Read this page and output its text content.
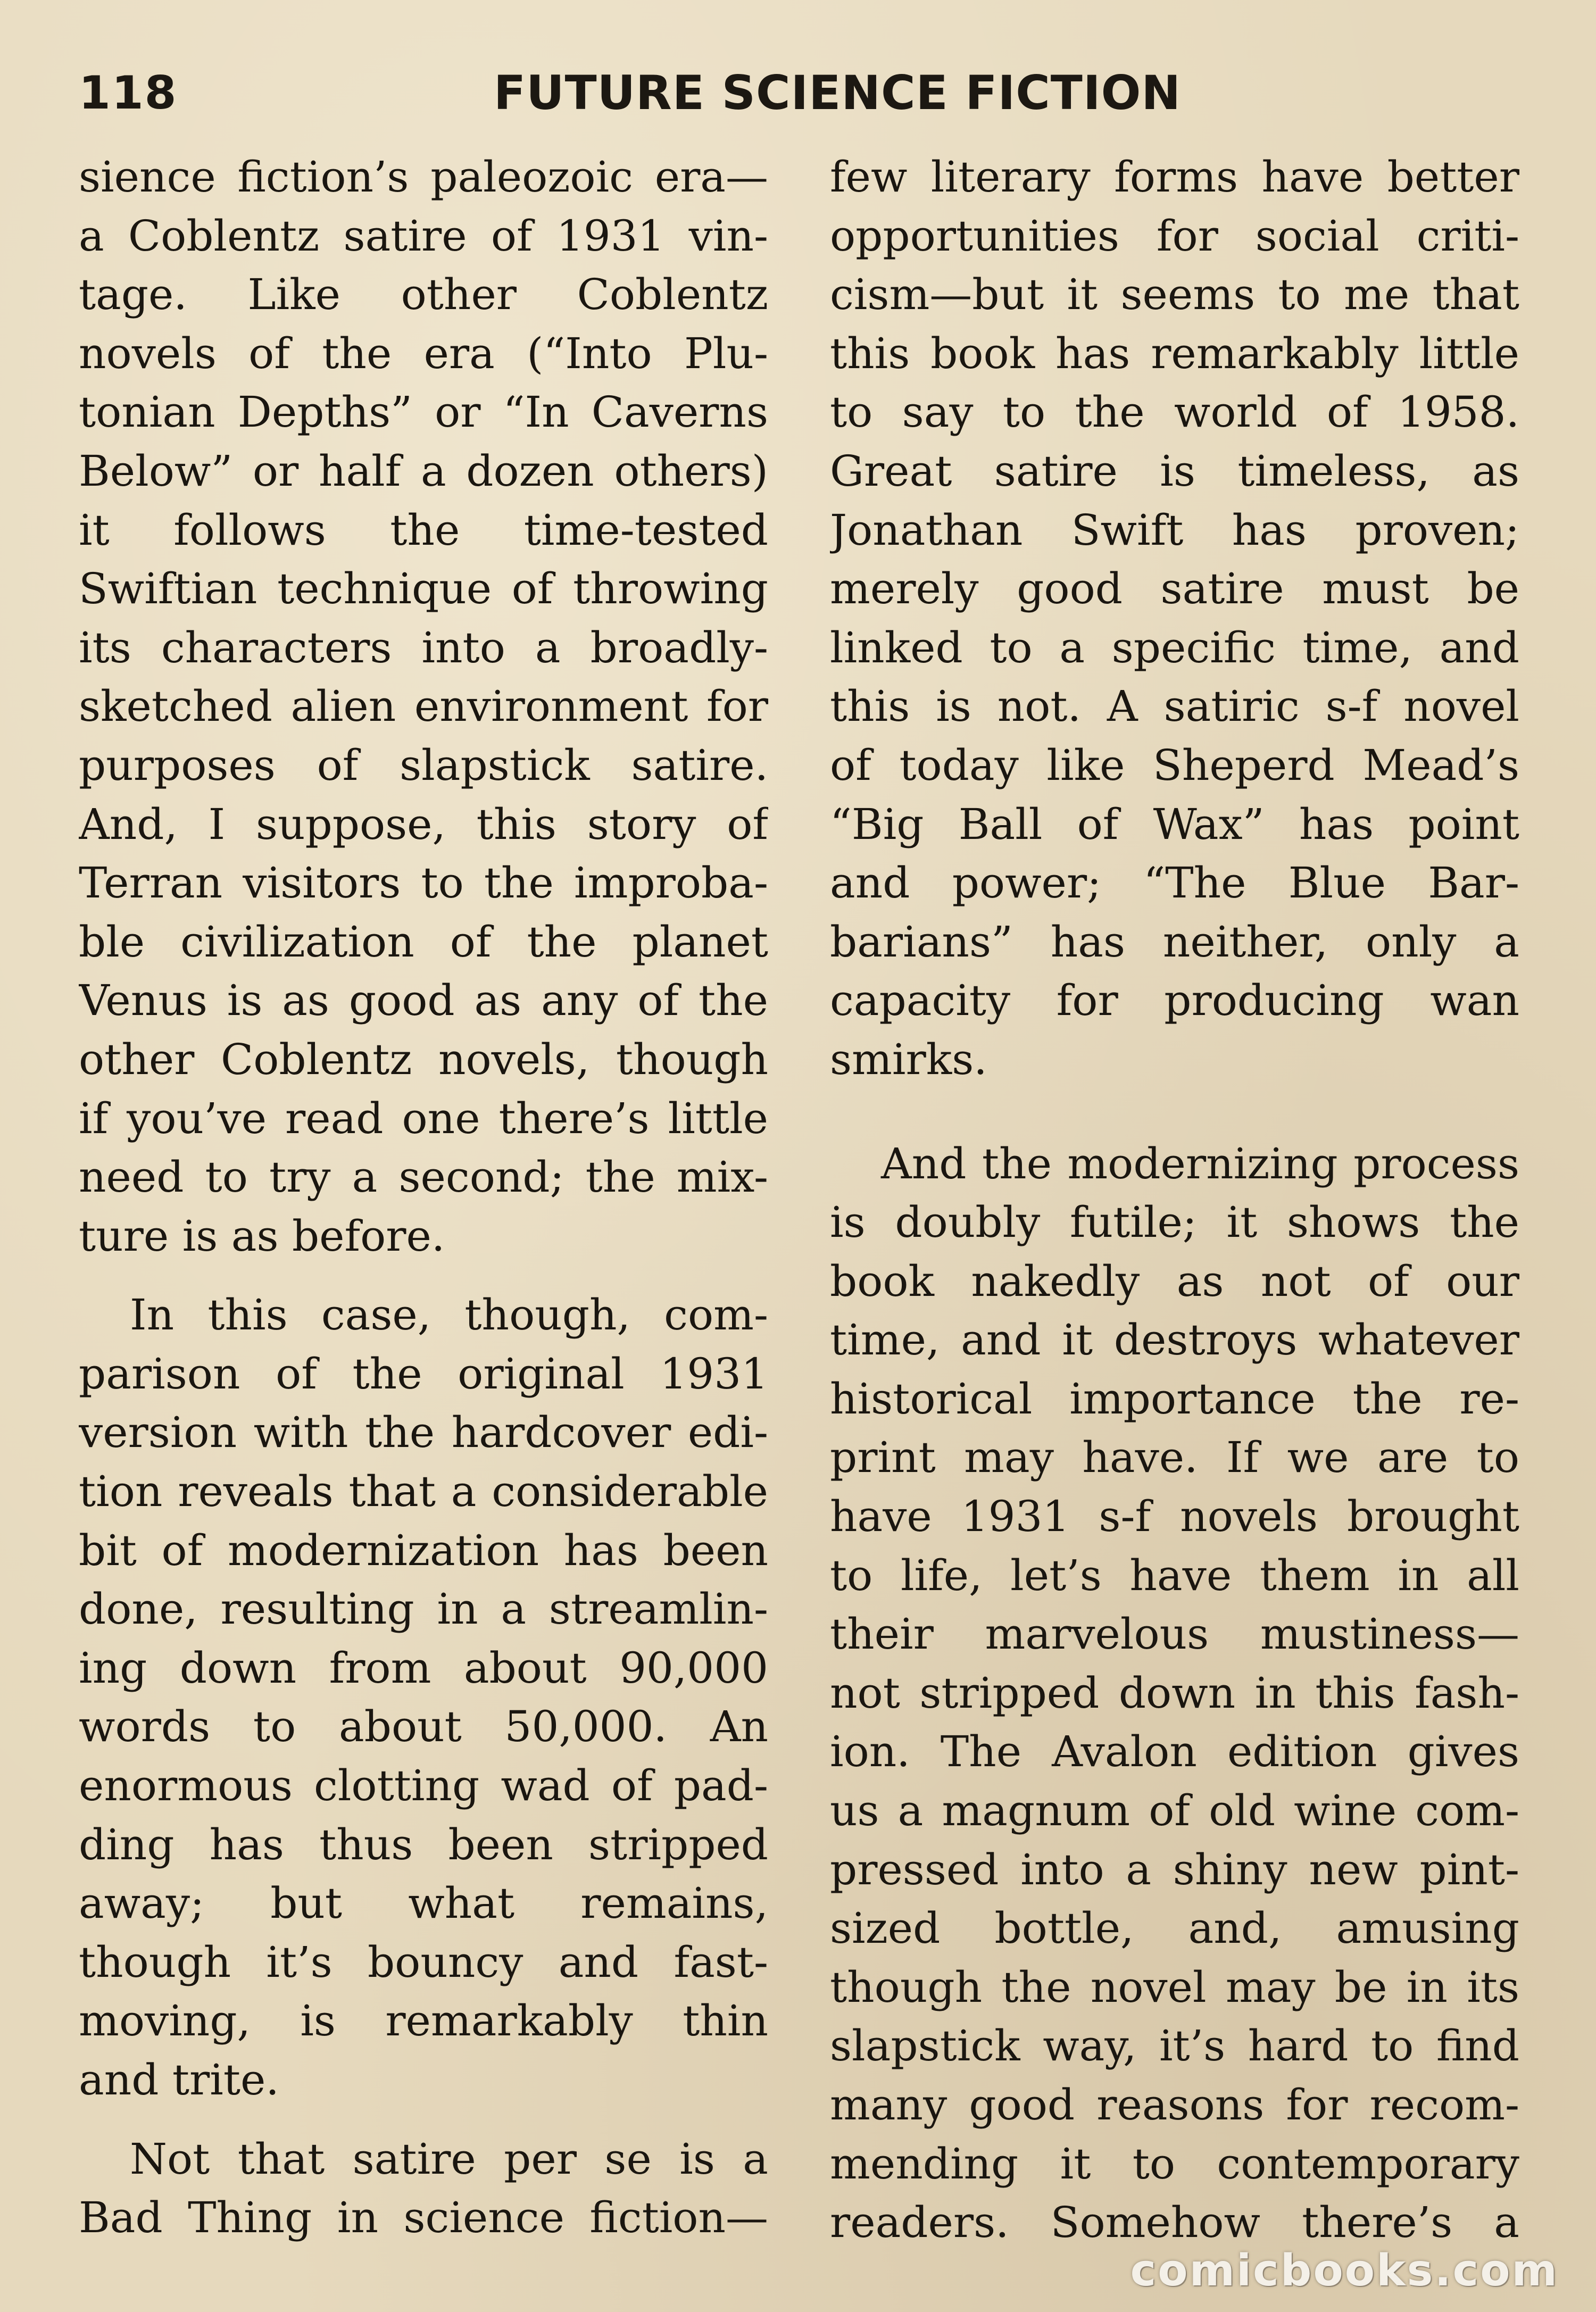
118	FUTURE SCIENCE FICTION
sience fiction’s paleozoic era—
a Coblentz satire of 1931 vin-
tage. Like other Coblentz
novels of the era (“Into Plu-
tonian Depths” or “In Caverns
Below” or half a dozen others)
it follows the time-tested
Swiftian technique of throwing
its characters into a broadly-
sketched alien environment for
purposes of slapstick satire.
And, I suppose, this story of
Terran visitors to the improba-
ble civilization of the planet
Venus is as good as any of the
other Coblentz novels, though
if you’ve read one there’s little
need to try a second; the mix-
ture is as before.
In this case, though, com-
parison of the original 1931
version with the hardcover edi-
tion reveals that a considerable
bit of modernization has been
done, resulting in a streamlin-
ing down from about 90,000
words to about 50,000. An
enormous clotting wad of pad-
ding has thus been stripped
away; but what remains,
though it’s bouncy and fast-
moving, is remarkably thin
and trite.
Not that satire per se is a
Bad Thing in science fiction—
few literary forms have better
opportunities for social criti-
cism—but it seems to me that
this book has remarkably little
to say to the world of 1958.
Great satire is timeless, as
Jonathan Swift has proven;
merely good satire must be
linked to a specific time, and
this is not. A satiric s-f novel
of today like Sheperd Mead’s
“Big Ball of Wax” has point
and power; “The Blue Bar-
barians” has neither, only a
capacity for producing wan
smirks.
And the modernizing process
is doubly futile; it shows the
book nakedly as not of our
time, and it destroys whatever
historical importance the re-
print may have. If we are to
have 1931 s-f novels brought
to life, let’s have them in all
their marvelous mustiness—
not stripped down in this fash-
ion. The Avalon edition gives
us a magnum of old wine com-
pressed into a shiny new pint-
sized bottle, and, amusing
though the novel may be in its
slapstick way, it’s hard to find
many good reasons for recom-
mending it to contemporary
readers. Somehow there’s a
comicbooks.com
